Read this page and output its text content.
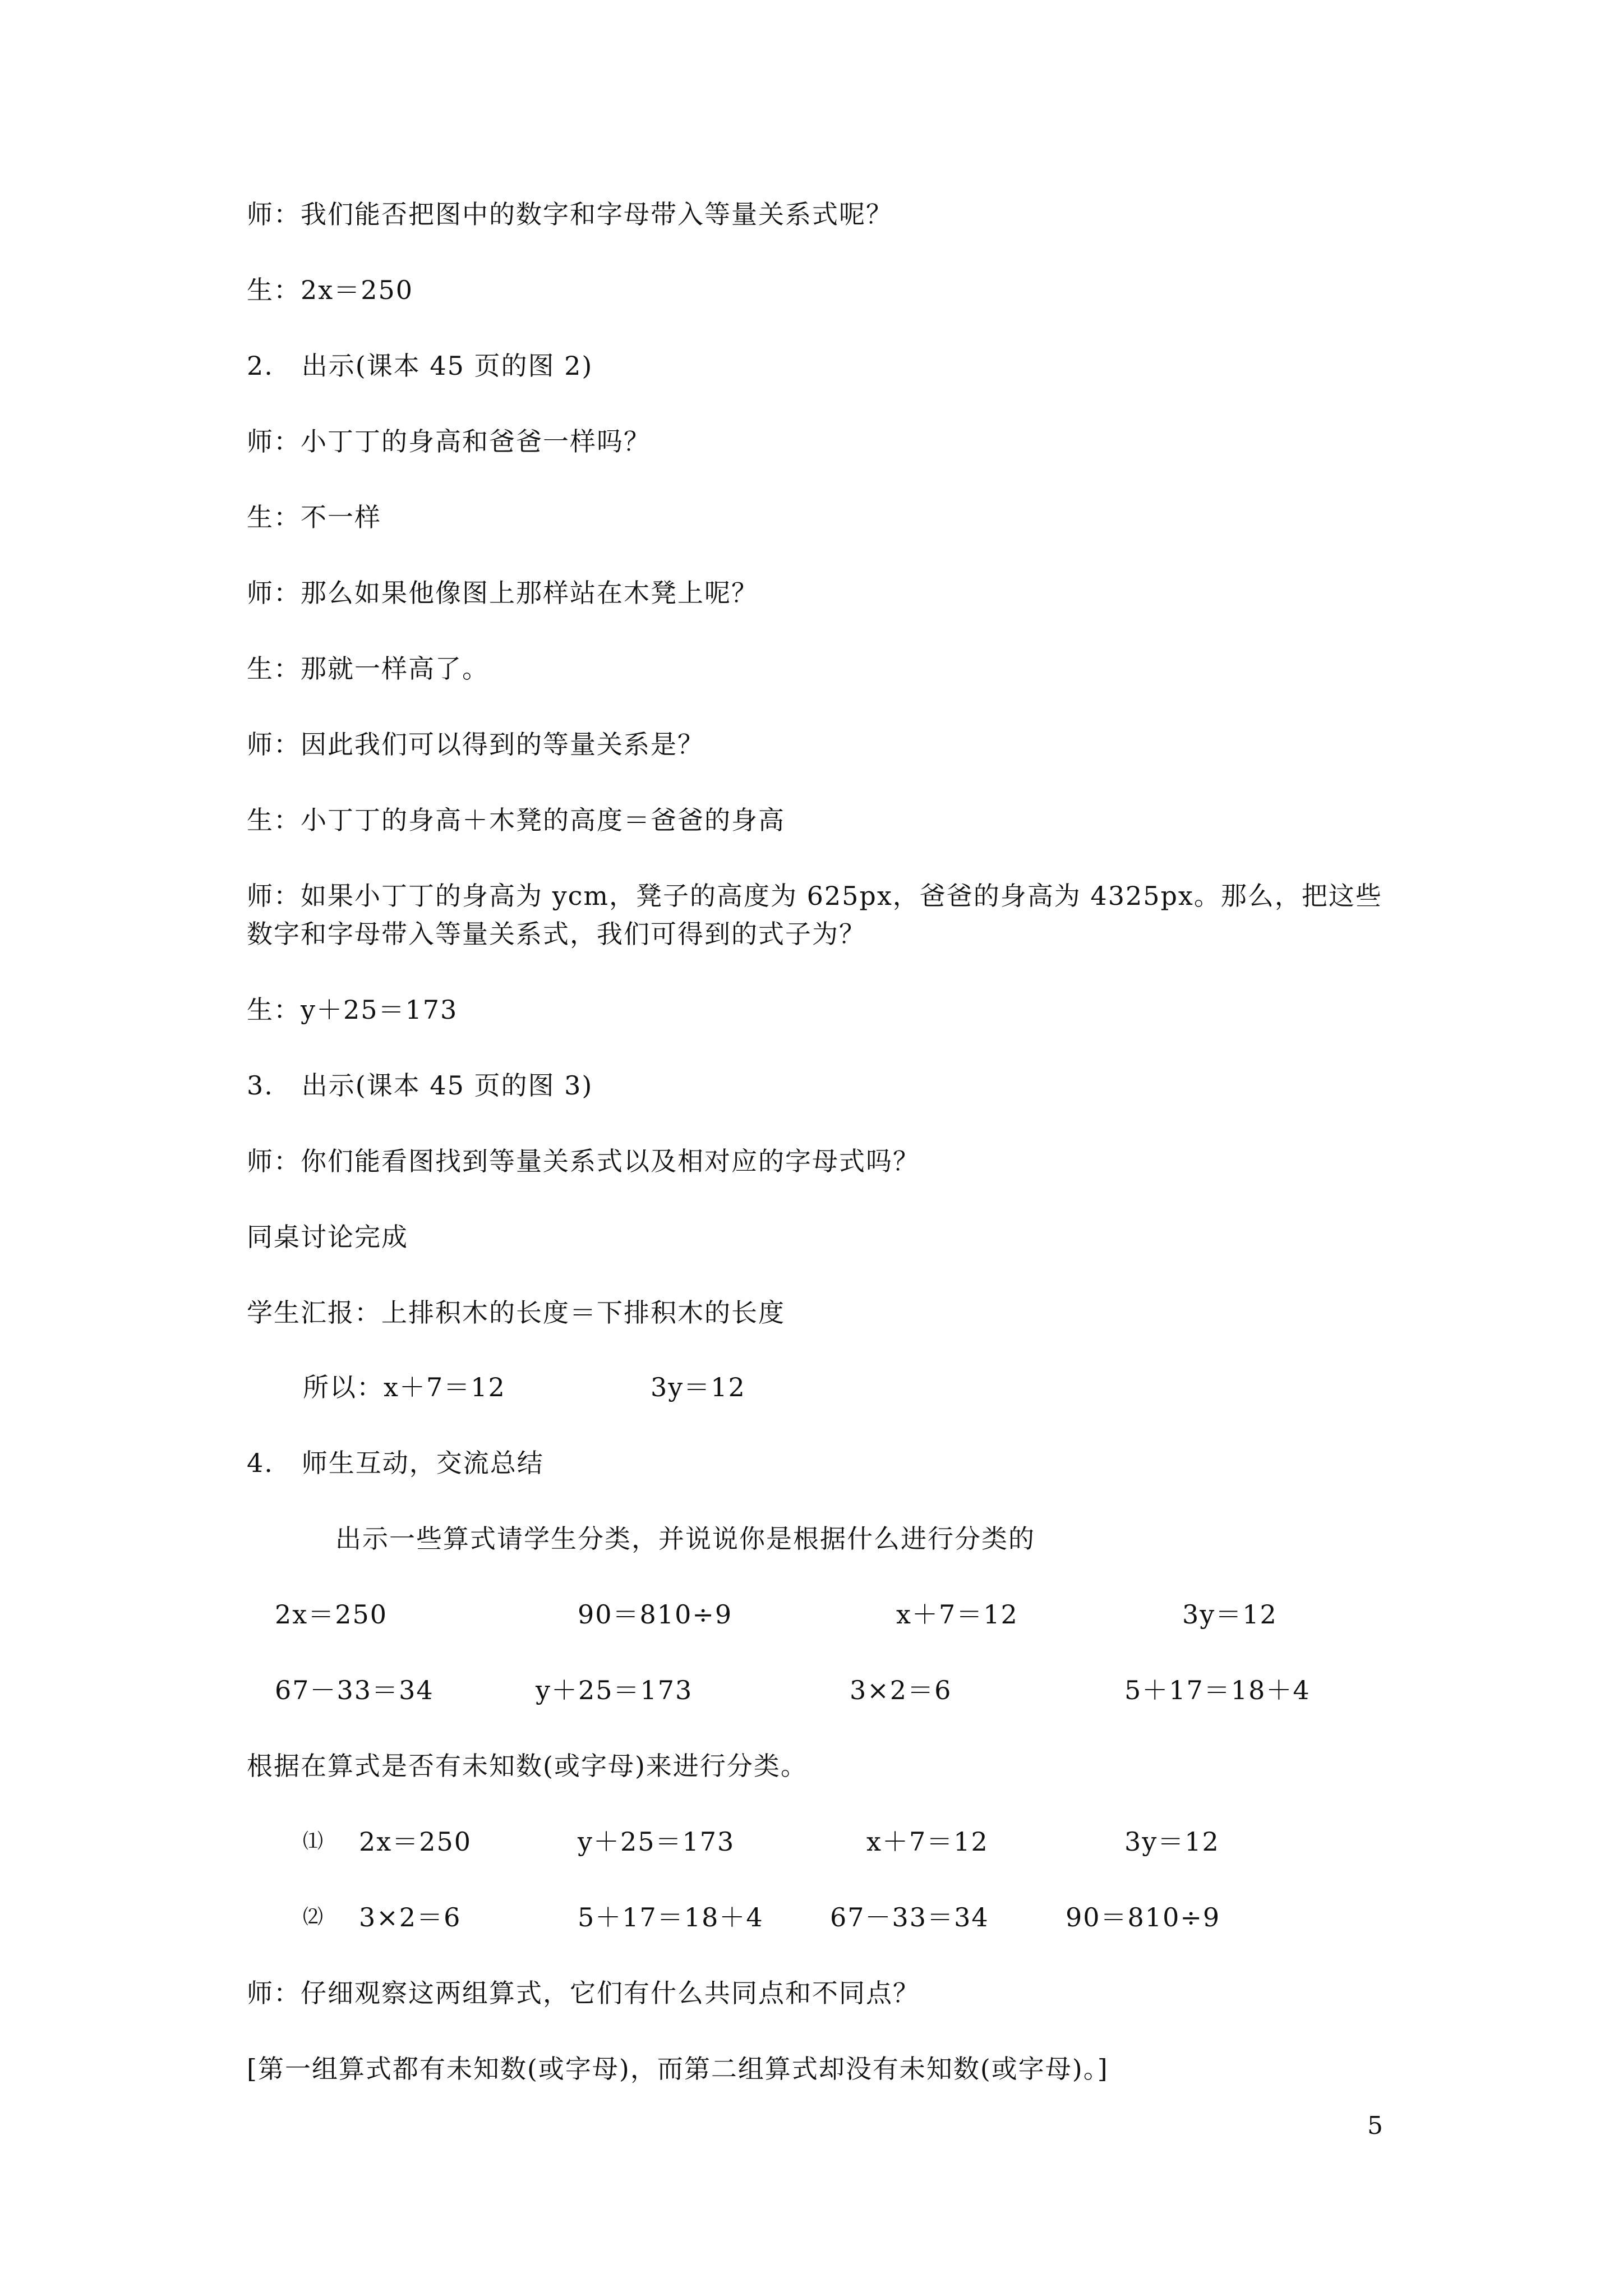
师：我们能否把图中的数字和字母带入等量关系式呢？
生：2x＝250
2.   出示(课本 45 页的图 2)
师：小丁丁的身高和爸爸一样吗？
生：不一样
师：那么如果他像图上那样站在木凳上呢？
生：那就一样高了。
师：因此我们可以得到的等量关系是？
生：小丁丁的身高＋木凳的高度＝爸爸的身高
师：如果小丁丁的身高为 ycm，凳子的高度为 625px，爸爸的身高为 4325px。那么，把这些
数字和字母带入等量关系式，我们可得到的式子为？
生：y＋25＝173
3.   出示(课本 45 页的图 3)
师：你们能看图找到等量关系式以及相对应的字母式吗？
同桌讨论完成
学生汇报：上排积木的长度＝下排积木的长度
所以：x＋7＝12	3y＝12
4.   师生互动，交流总结
出示一些算式请学生分类，并说说你是根据什么进行分类的
2x＝250	90＝810÷9	x＋7＝12	3y＝12
67－33＝34	y＋25＝173	3×2＝6	5＋17＝18＋4
根据在算式是否有未知数(或字母)来进行分类。
⑴ 2x＝250	y＋25＝173	x＋7＝12	3y＝12
⑵ 3×2＝6	5＋17＝18＋4	67－33＝34	90＝810÷9
师：仔细观察这两组算式，它们有什么共同点和不同点？
[第一组算式都有未知数(或字母)，而第二组算式却没有未知数(或字母)。]
5
